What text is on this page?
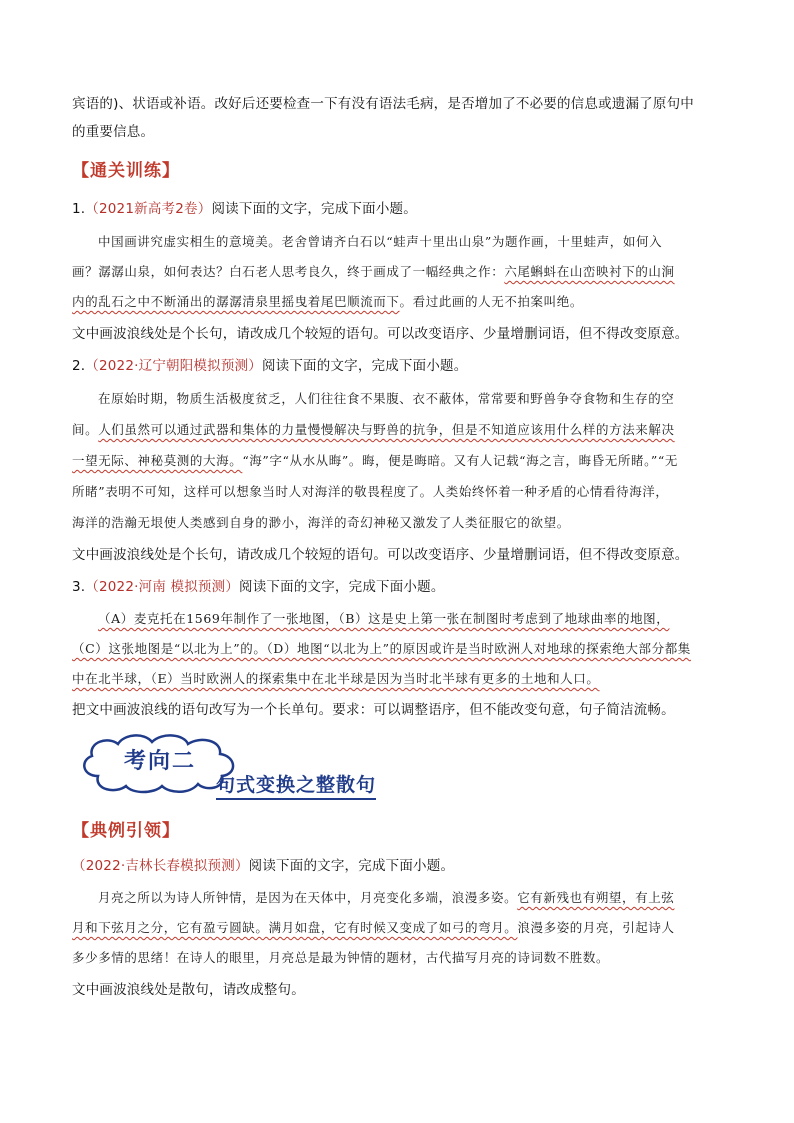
宾语的)、状语或补语。改好后还要检查一下有没有语法毛病，是否增加了不必要的信息或遗漏了原句中
的重要信息。
【通关训练】
1.（2021新高考2卷）阅读下面的文字，完成下面小题。
中国画讲究虚实相生的意境美。老舍曾请齐白石以“蛙声十里出山泉”为题作画，十里蛙声，如何入
画？潺潺山泉，如何表达？白石老人思考良久，终于画成了一幅经典之作：六尾蝌蚪在山峦映衬下的山涧
内的乱石之中不断涌出的潺潺清泉里摇曳着尾巴顺流而下。看过此画的人无不拍案叫绝。
文中画波浪线处是个长句，请改成几个较短的语句。可以改变语序、少量增删词语，但不得改变原意。
2.（2022·辽宁朝阳模拟预测）阅读下面的文字，完成下面小题。
在原始时期，物质生活极度贫乏，人们往往食不果腹、衣不蔽体，常常要和野兽争夺食物和生存的空
间。人们虽然可以通过武器和集体的力量慢慢解决与野兽的抗争，但是不知道应该用什么样的方法来解决
一望无际、神秘莫测的大海。“海”字“从水从晦”。晦，便是晦暗。又有人记载“海之言，晦昏无所睹。”“无
所睹”表明不可知，这样可以想象当时人对海洋的敬畏程度了。人类始终怀着一种矛盾的心情看待海洋，
海洋的浩瀚无垠使人类感到自身的渺小，海洋的奇幻神秘又激发了人类征服它的欲望。
文中画波浪线处是个长句，请改成几个较短的语句。可以改变语序、少量增删词语，但不得改变原意。
3.（2022·河南 模拟预测）阅读下面的文字，完成下面小题。
（A）麦克托在1569年制作了一张地图，（B）这是史上第一张在制图时考虑到了地球曲率的地图，
（C）这张地图是“以北为上”的。（D）地图“以北为上”的原因或许是当时欧洲人对地球的探索绝大部分都集
中在北半球，（E）当时欧洲人的探索集中在北半球是因为当时北半球有更多的土地和人口。
把文中画波浪线的语句改写为一个长单句。要求：可以调整语序，但不能改变句意，句子简洁流畅。
考向二
句式变换之整散句
【典例引领】
（2022·吉林长春模拟预测）阅读下面的文字，完成下面小题。
月亮之所以为诗人所钟情，是因为在天体中，月亮变化多端，浪漫多姿。它有新残也有朔望，有上弦
月和下弦月之分，它有盈亏圆缺。满月如盘，它有时候又变成了如弓的弯月。浪漫多姿的月亮，引起诗人
多少多情的思绪！在诗人的眼里，月亮总是最为钟情的题材，古代描写月亮的诗词数不胜数。
文中画波浪线处是散句，请改成整句。
